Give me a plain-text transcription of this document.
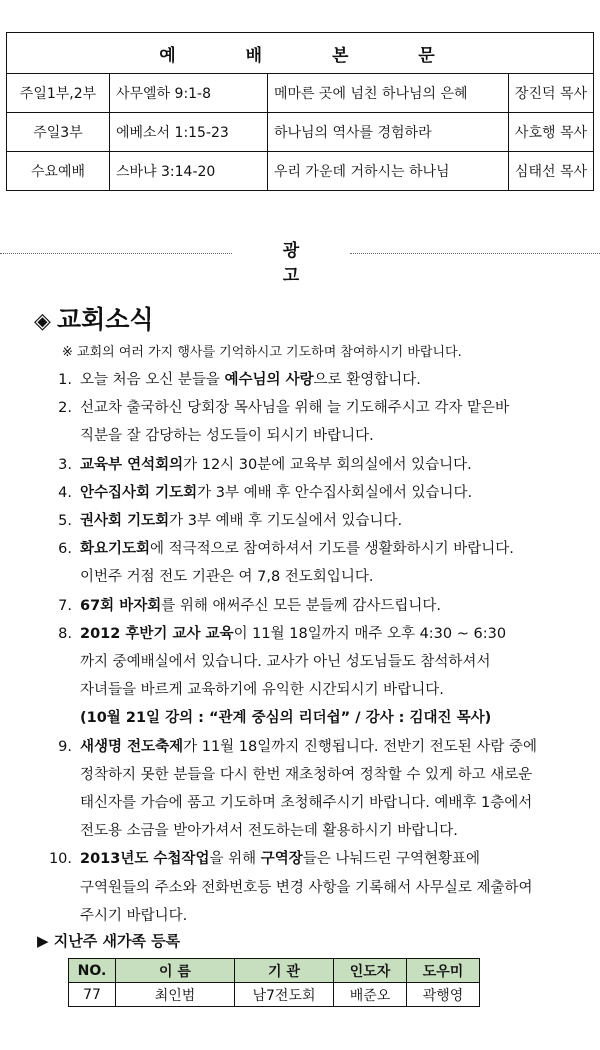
예 배 본 문			
주일1부,2부	사무엘하 9:1-8	메마른 곳에 넘친 하나님의 은혜	장진덕 목사
주일3부	에베소서 1:15-23	하나님의 역사를 경험하라	사호행 목사
수요예배	스바냐 3:14-20	우리 가운데 거하시는 하나님	심태선 목사
광 고
◈ 교회소식
※ 교회의 여러 가지 행사를 기억하시고 기도하며 참여하시기 바랍니다.
1. 오늘 처음 오신 분들을 예수님의 사랑으로 환영합니다.
2. 선교차 출국하신 당회장 목사님을 위해 늘 기도해주시고 각자 맡은바
직분을 잘 감당하는 성도들이 되시기 바랍니다.
3. 교육부 연석회의가 12시 30분에 교육부 회의실에서 있습니다.
4. 안수집사회 기도회가 3부 예배 후 안수집사회실에서 있습니다.
5. 권사회 기도회가 3부 예배 후 기도실에서 있습니다.
6. 화요기도회에 적극적으로 참여하셔서 기도를 생활화하시기 바랍니다.
이번주 거점 전도 기관은 여 7,8 전도회입니다.
7. 67회 바자회를 위해 애써주신 모든 분들께 감사드립니다.
8. 2012 후반기 교사 교육이 11월 18일까지 매주 오후 4:30 ~ 6:30
까지 중예배실에서 있습니다. 교사가 아닌 성도님들도 참석하셔서
자녀들을 바르게 교육하기에 유익한 시간되시기 바랍니다.
(10월 21일 강의 : “관계 중심의 리더쉽” / 강사 : 김대진 목사)
9. 새생명 전도축제가 11월 18일까지 진행됩니다. 전반기 전도된 사람 중에
정착하지 못한 분들을 다시 한번 재초청하여 정착할 수 있게 하고 새로운
태신자를 가슴에 품고 기도하며 초청해주시기 바랍니다. 예배후 1층에서
전도용 소금을 받아가셔서 전도하는데 활용하시기 바랍니다.
10. 2013년도 수첩작업을 위해 구역장들은 나눠드린 구역현황표에
구역원들의 주소와 전화번호등 변경 사항을 기록해서 사무실로 제출하여
주시기 바랍니다.
▶ 지난주 새가족 등록
NO.	이 름	기 관	인도자	도우미
77	최인범	남7전도회	배준오	곽행영
